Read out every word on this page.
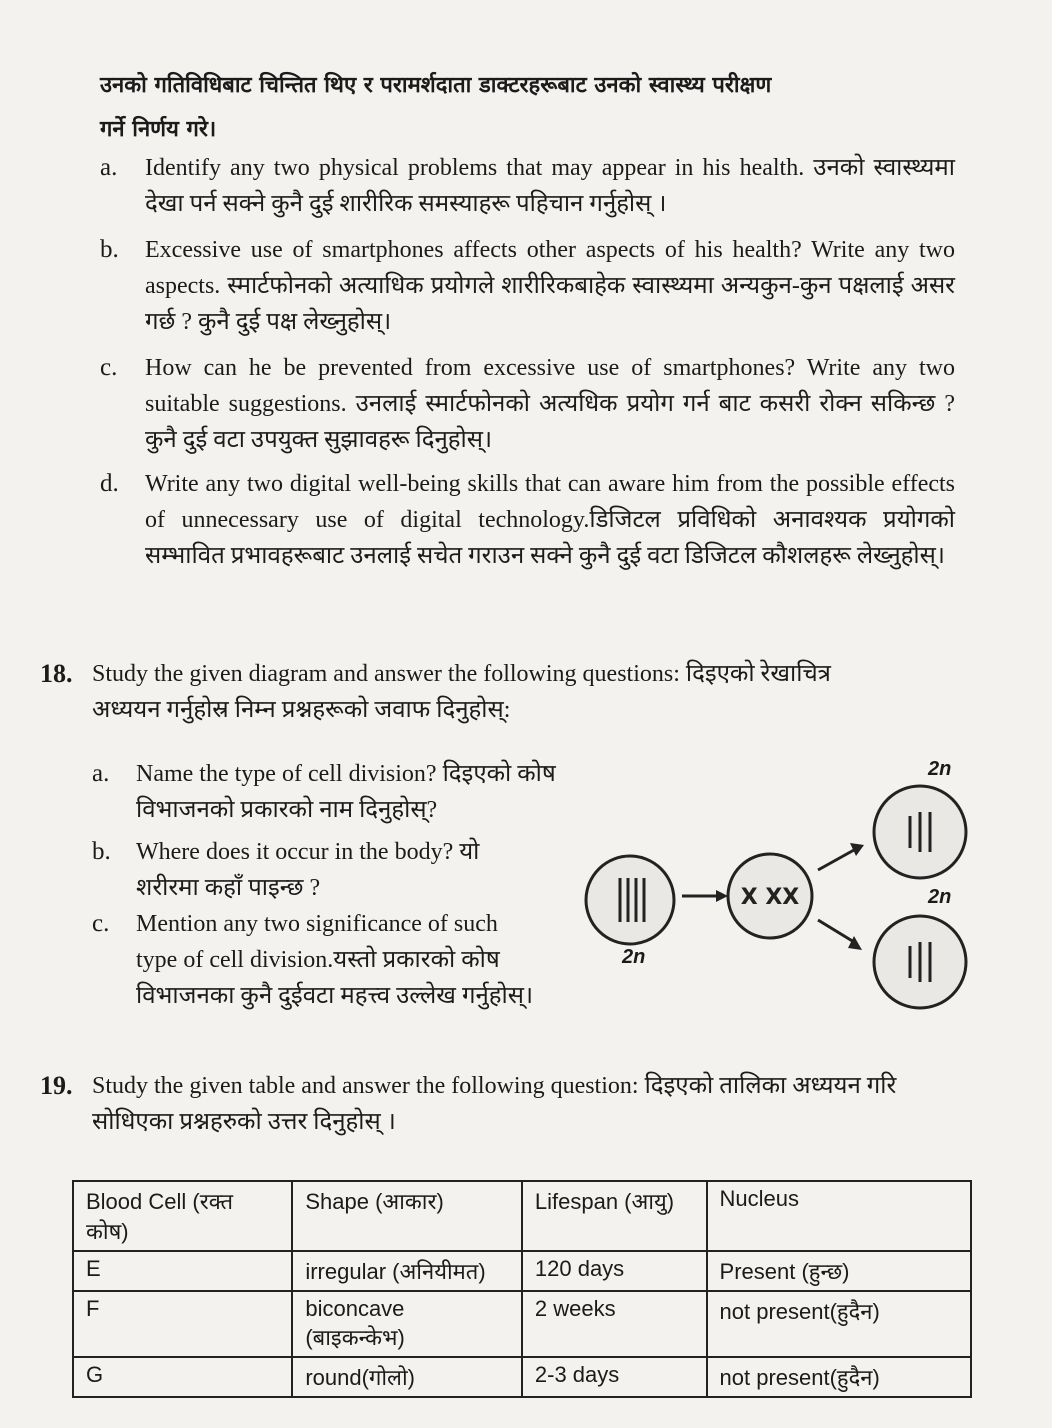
उनको गतिविधिबाट चिन्तित थिए र परामर्शदाता डाक्टरहरूबाट उनको स्वास्थ्य परीक्षण
गर्ने निर्णय गरे।
a. Identify any two physical problems that may appear in his health. उनको स्वास्थ्यमा देखा पर्न सक्ने कुनै दुई शारीरिक समस्याहरू पहिचान गर्नुहोस् ।
b. Excessive use of smartphones affects other aspects of his health? Write any two aspects. स्मार्टफोनको अत्याधिक प्रयोगले शारीरिकबाहेक स्वास्थ्यमा अन्यकुन-कुन पक्षलाई असर गर्छ ? कुनै दुई पक्ष लेख्नुहोस्।
c. How can he be prevented from excessive use of smartphones? Write any two suitable suggestions. उनलाई स्मार्टफोनको अत्यधिक प्रयोग गर्न बाट कसरी रोक्न सकिन्छ ? कुनै दुई वटा उपयुक्त सुझावहरू दिनुहोस्।
d. Write any two digital well-being skills that can aware him from the possible effects of unnecessary use of digital technology.डिजिटल प्रविधिको अनावश्यक प्रयोगको सम्भावित प्रभावहरूबाट उनलाई सचेत गराउन सक्ने कुनै दुई वटा डिजिटल कौशलहरू लेख्नुहोस्।
18. Study the given diagram and answer the following questions: दिइएको रेखाचित्र अध्ययन गर्नुहोस्र निम्न प्रश्नहरूको जवाफ दिनुहोस्:
a. Name the type of cell division? दिइएको कोष विभाजनको प्रकारको नाम दिनुहोस्?
b. Where does it occur in the body? यो शरीरमा कहाँ पाइन्छ ?
c. Mention any two significance of such type of cell division.यस्तो प्रकारको कोष विभाजनका कुनै दुईवटा महत्त्व उल्लेख गर्नुहोस्।
X XX
2n
2n
2n
19. Study the given table and answer the following question: दिइएको तालिका अध्ययन गरि सोधिएका प्रश्नहरुको उत्तर दिनुहोस् ।
Blood Cell (रक्त कोष)	Shape (आकार)	Lifespan (आयु)	Nucleus
E	irregular (अनियीमत)	120 days	Present (हुन्छ)
F	biconcave (बाइकन्केभ)	2 weeks	not present(हुदैन)
G	round(गोलो)	2-3 days	not present(हुदैन)
